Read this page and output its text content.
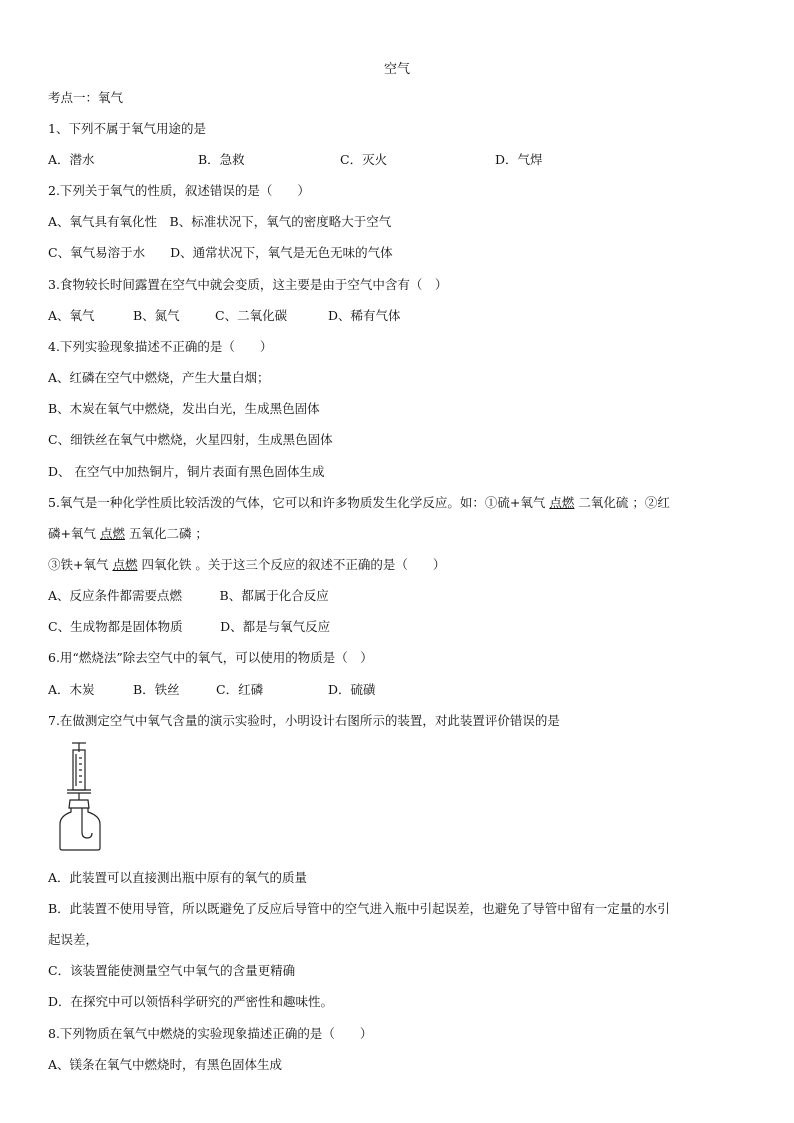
空气
考点一：氧气
1、下列不属于氧气用途的是
A．潜水	B．急救	C．灭火	D．气焊
2.下列关于氧气的性质，叙述错误的是（　　）
A、氧气具有氧化性　B、标准状况下，氧气的密度略大于空气
C、氧气易溶于水　　D、通常状况下，氧气是无色无味的气体
3.食物较长时间露置在空气中就会变质，这主要是由于空气中含有（　）
A、氧气	B、氮气	C、二氧化碳	D、稀有气体
4.下列实验现象描述不正确的是（　　）
A、红磷在空气中燃烧，产生大量白烟；
B、木炭在氧气中燃烧，发出白光，生成黑色固体
C、细铁丝在氧气中燃烧，火星四射，生成黑色固体
D、 在空气中加热铜片，铜片表面有黑色固体生成
5.氧气是一种化学性质比较活泼的气体，它可以和许多物质发生化学反应。如：①硫+氧气 点燃 二氧化硫 ；②红
磷+氧气 点燃 五氧化二磷 ；
③铁+氧气 点燃 四氧化铁 。关于这三个反应的叙述不正确的是（　　）
A、反应条件都需要点燃　　　B、都属于化合反应
C、生成物都是固体物质　　　D、都是与氧气反应
6.用“燃烧法”除去空气中的氧气，可以使用的物质是（　）
A．木炭	B．铁丝	C．红磷	D．硫磺
7.在做测定空气中氧气含量的演示实验时，小明设计右图所示的装置，对此装置评价错误的是
A．此装置可以直接测出瓶中原有的氧气的质量
B．此装置不使用导管，所以既避免了反应后导管中的空气进入瓶中引起误差，也避免了导管中留有一定量的水引
起误差，
C．该装置能使测量空气中氧气的含量更精确
D．在探究中可以领悟科学研究的严密性和趣味性。
8.下列物质在氧气中燃烧的实验现象描述正确的是（　　）
A、镁条在氧气中燃烧时，有黑色固体生成
